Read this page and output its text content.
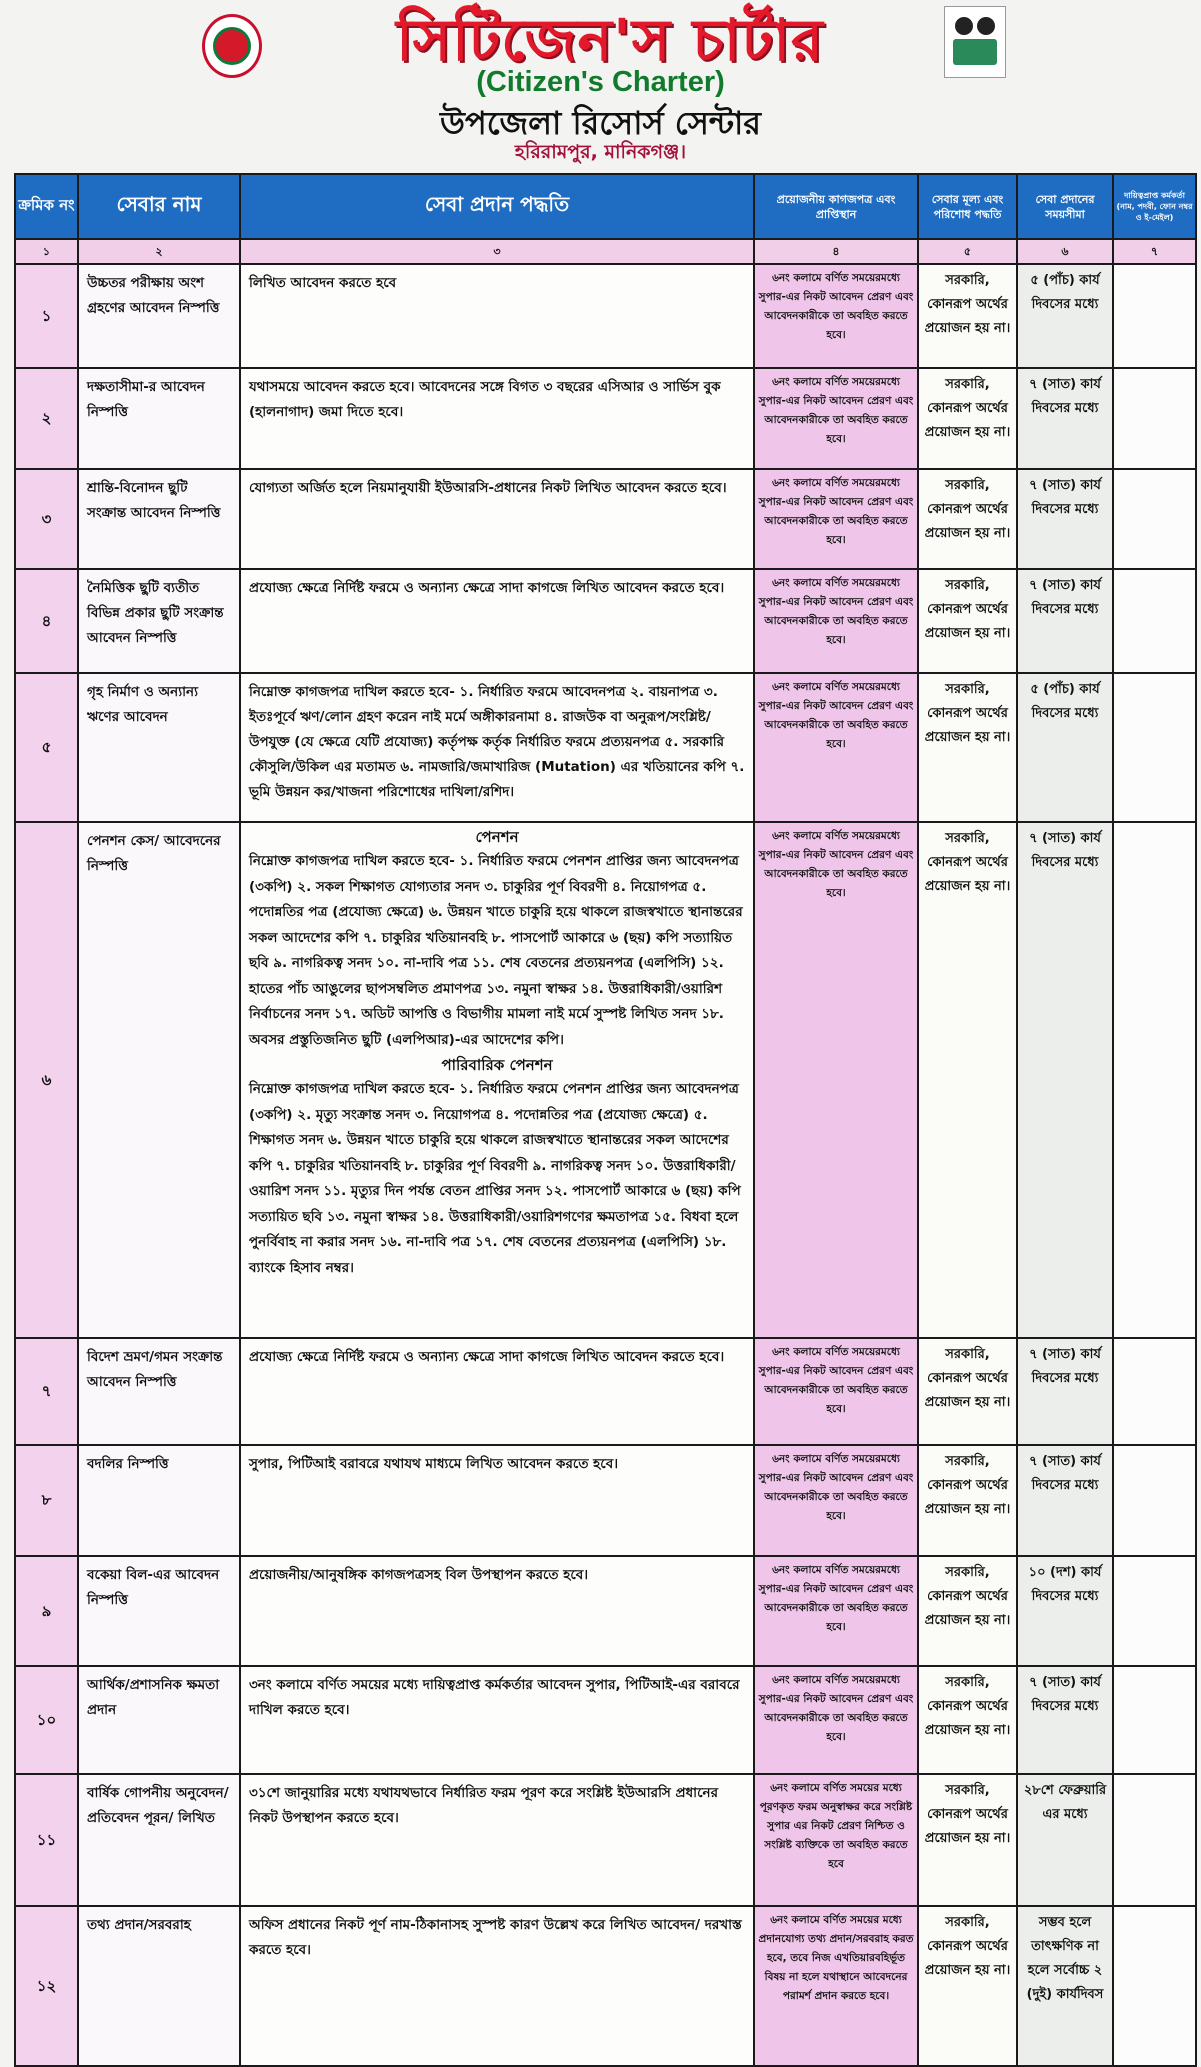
সিটিজেন'স চার্টার
(Citizen's Charter)
উপজেলা রিসোর্স সেন্টার
হরিরামপুর, মানিকগঞ্জ।
ক্রমিক নং	সেবার নাম	সেবা প্রদান পদ্ধতি	প্রয়োজনীয় কাগজপত্র এবং প্রাপ্তিস্থান	সেবার মূল্য এবং পরিশোধ পদ্ধতি	সেবা প্রদানের সময়সীমা	দায়িত্বপ্রাপ্ত কর্মকর্তা (নাম, পদবী, ফোন নম্বর ও ই-মেইল)
১	২	৩	৪	৫	৬	৭
১	উচ্চতর পরীক্ষায় অংশ গ্রহণের আবেদন নিস্পত্তি	লিখিত আবেদন করতে হবে	৬নং কলামে বর্ণিত সময়েরমধ্যে সুপার-এর নিকট আবেদন প্রেরণ এবং আবেদনকারীকে তা অবহিত করতে হবে।	সরকারি, কোনরূপ অর্থের প্রয়োজন হয় না।	৫ (পাঁচ) কার্য দিবসের মধ্যে	
২	দক্ষতাসীমা-র আবেদন নিস্পত্তি	যথাসময়ে আবেদন করতে হবে। আবেদনের সঙ্গে বিগত ৩ বছরের এসিআর ও সার্ভিস বুক (হালনাগাদ) জমা দিতে হবে।	৬নং কলামে বর্ণিত সময়েরমধ্যে সুপার-এর নিকট আবেদন প্রেরণ এবং আবেদনকারীকে তা অবহিত করতে হবে।	সরকারি, কোনরূপ অর্থের প্রয়োজন হয় না।	৭ (সাত) কার্য দিবসের মধ্যে	
৩	শ্রান্তি-বিনোদন ছুটি সংক্রান্ত আবেদন নিস্পত্তি	যোগ্যতা অর্জিত হলে নিয়মানুযায়ী ইউআরসি-প্রধানের নিকট লিখিত আবেদন করতে হবে।	৬নং কলামে বর্ণিত সময়েরমধ্যে সুপার-এর নিকট আবেদন প্রেরণ এবং আবেদনকারীকে তা অবহিত করতে হবে।	সরকারি, কোনরূপ অর্থের প্রয়োজন হয় না।	৭ (সাত) কার্য দিবসের মধ্যে	
৪	নৈমিত্তিক ছুটি ব্যতীত বিভিন্ন প্রকার ছুটি সংক্রান্ত আবেদন নিস্পত্তি	প্রযোজ্য ক্ষেত্রে নির্দিষ্ট ফরমে ও অন্যান্য ক্ষেত্রে সাদা কাগজে লিখিত আবেদন করতে হবে।	৬নং কলামে বর্ণিত সময়েরমধ্যে সুপার-এর নিকট আবেদন প্রেরণ এবং আবেদনকারীকে তা অবহিত করতে হবে।	সরকারি, কোনরূপ অর্থের প্রয়োজন হয় না।	৭ (সাত) কার্য দিবসের মধ্যে	
৫	গৃহ নির্মাণ ও অন্যান্য ঋণের আবেদন	নিম্নোক্ত কাগজপত্র দাখিল করতে হবে- ১. নির্ধারিত ফরমে আবেদনপত্র ২. বায়নাপত্র ৩. ইতঃপূর্বে ঋণ/লোন গ্রহণ করেন নাই মর্মে অঙ্গীকারনামা ৪. রাজউক বা অনুরূপ/সংশ্লিষ্ট/উপযুক্ত (যে ক্ষেত্রে যেটি প্রযোজ্য) কর্তৃপক্ষ কর্তৃক নির্ধারিত ফরমে প্রত্যয়নপত্র ৫. সরকারি কৌসুলি/উকিল এর মতামত ৬. নামজারি/জমাখারিজ (Mutation) এর খতিয়ানের কপি ৭. ভূমি উন্নয়ন কর/খাজনা পরিশোধের দাখিলা/রশিদ।	৬নং কলামে বর্ণিত সময়েরমধ্যে সুপার-এর নিকট আবেদন প্রেরণ এবং আবেদনকারীকে তা অবহিত করতে হবে।	সরকারি, কোনরূপ অর্থের প্রয়োজন হয় না।	৫ (পাঁচ) কার্য দিবসের মধ্যে	
৬	পেনশন কেস/ আবেদনের নিস্পত্তি	পেনশন
নিম্নোক্ত কাগজপত্র দাখিল করতে হবে- ১. নির্ধারিত ফরমে পেনশন প্রাপ্তির জন্য আবেদনপত্র (৩কপি) ২. সকল শিক্ষাগত যোগ্যতার সনদ ৩. চাকুরির পূর্ণ বিবরণী ৪. নিয়োগপত্র ৫. পদোন্নতির পত্র (প্রযোজ্য ক্ষেত্রে) ৬. উন্নয়ন খাতে চাকুরি হয়ে থাকলে রাজস্বখাতে স্থানান্তরের সকল আদেশের কপি ৭. চাকুরির খতিয়ানবহি ৮. পাসপোর্ট আকারে ৬ (ছয়) কপি সত্যায়িত ছবি ৯. নাগরিকত্ব সনদ ১০. না-দাবি পত্র ১১. শেষ বেতনের প্রত্যয়নপত্র (এলপিসি) ১২. হাতের পাঁচ আঙুলের ছাপসম্বলিত প্রমাণপত্র ১৩. নমুনা স্বাক্ষর ১৪. উত্তরাধিকারী/ওয়ারিশ নির্বাচনের সনদ ১৭. অডিট আপত্তি ও বিভাগীয় মামলা নাই মর্মে সুস্পষ্ট লিখিত সনদ ১৮. অবসর প্রস্তুতিজনিত ছুটি (এলপিআর)-এর আদেশের কপি।
পারিবারিক পেনশন
নিম্নোক্ত কাগজপত্র দাখিল করতে হবে- ১. নির্ধারিত ফরমে পেনশন প্রাপ্তির জন্য আবেদনপত্র (৩কপি) ২. মৃত্যু সংক্রান্ত সনদ ৩. নিয়োগপত্র ৪. পদোন্নতির পত্র (প্রযোজ্য ক্ষেত্রে) ৫. শিক্ষাগত সনদ ৬. উন্নয়ন খাতে চাকুরি হয়ে থাকলে রাজস্বখাতে স্থানান্তরের সকল আদেশের কপি ৭. চাকুরির খতিয়ানবহি ৮. চাকুরির পূর্ণ বিবরণী ৯. নাগরিকত্ব সনদ ১০. উত্তরাধিকারী/ওয়ারিশ সনদ ১১. মৃত্যুর দিন পর্যন্ত বেতন প্রাপ্তির সনদ ১২. পাসপোর্ট আকারে ৬ (ছয়) কপি সত্যায়িত ছবি ১৩. নমুনা স্বাক্ষর ১৪. উত্তরাধিকারী/ওয়ারিশগণের ক্ষমতাপত্র ১৫. বিধবা হলে পুনর্বিবাহ না করার সনদ ১৬. না-দাবি পত্র ১৭. শেষ বেতনের প্রত্যয়নপত্র (এলপিসি) ১৮. ব্যাংকে হিসাব নম্বর।	৬নং কলামে বর্ণিত সময়েরমধ্যে সুপার-এর নিকট আবেদন প্রেরণ এবং আবেদনকারীকে তা অবহিত করতে হবে।	সরকারি, কোনরূপ অর্থের প্রয়োজন হয় না।	৭ (সাত) কার্য দিবসের মধ্যে	
৭	বিদেশ ভ্রমণ/গমন সংক্রান্ত আবেদন নিস্পত্তি	প্রযোজ্য ক্ষেত্রে নির্দিষ্ট ফরমে ও অন্যান্য ক্ষেত্রে সাদা কাগজে লিখিত আবেদন করতে হবে।	৬নং কলামে বর্ণিত সময়েরমধ্যে সুপার-এর নিকট আবেদন প্রেরণ এবং আবেদনকারীকে তা অবহিত করতে হবে।	সরকারি, কোনরূপ অর্থের প্রয়োজন হয় না।	৭ (সাত) কার্য দিবসের মধ্যে	
৮	বদলির নিস্পত্তি	সুপার, পিটিআই বরাবরে যথাযথ মাধ্যমে লিখিত আবেদন করতে হবে।	৬নং কলামে বর্ণিত সময়েরমধ্যে সুপার-এর নিকট আবেদন প্রেরণ এবং আবেদনকারীকে তা অবহিত করতে হবে।	সরকারি, কোনরূপ অর্থের প্রয়োজন হয় না।	৭ (সাত) কার্য দিবসের মধ্যে	
৯	বকেয়া বিল-এর আবেদন নিস্পত্তি	প্রয়োজনীয়/আনুষঙ্গিক কাগজপত্রসহ বিল উপস্থাপন করতে হবে।	৬নং কলামে বর্ণিত সময়েরমধ্যে সুপার-এর নিকট আবেদন প্রেরণ এবং আবেদনকারীকে তা অবহিত করতে হবে।	সরকারি, কোনরূপ অর্থের প্রয়োজন হয় না।	১০ (দশ) কার্য দিবসের মধ্যে	
১০	আর্থিক/প্রশাসনিক ক্ষমতা প্রদান	৩নং কলামে বর্ণিত সময়ের মধ্যে দায়িত্বপ্রাপ্ত কর্মকর্তার আবেদন সুপার, পিটিআই-এর বরাবরে দাখিল করতে হবে।	৬নং কলামে বর্ণিত সময়েরমধ্যে সুপার-এর নিকট আবেদন প্রেরণ এবং আবেদনকারীকে তা অবহিত করতে হবে।	সরকারি, কোনরূপ অর্থের প্রয়োজন হয় না।	৭ (সাত) কার্য দিবসের মধ্যে	
১১	বার্ষিক গোপনীয় অনুবেদন/প্রতিবেদন পূরন/ লিখিত	৩১শে জানুয়ারির মধ্যে যথাযথভাবে নির্ধারিত ফরম পূরণ করে সংশ্লিষ্ট ইউআরসি প্রধানের নিকট উপস্থাপন করতে হবে।	৬নং কলামে বর্ণিত সময়ের মধ্যে পূরণকৃত ফরম অনুস্বাক্ষর করে সংশ্লিষ্ট সুপার এর নিকট প্রেরণ নিশ্চিত ও সংশ্লিষ্ট ব্যক্তিকে তা অবহিত করতে হবে	সরকারি, কোনরূপ অর্থের প্রয়োজন হয় না।	২৮শে ফেব্রুয়ারি এর মধ্যে	
১২	তথ্য প্রদান/সরবরাহ	অফিস প্রধানের নিকট পূর্ণ নাম-ঠিকানাসহ সুস্পষ্ট কারণ উল্লেখ করে লিখিত আবেদন/ দরখাস্ত করতে হবে।	৬নং কলামে বর্ণিত সময়ের মধ্যে প্রদানযোগ্য তথ্য প্রদান/সরবরাহ করত হবে, তবে নিজ এখতিয়ারবহির্ভূত বিষয় না হলে যথাস্থানে আবেদনের পরামর্শ প্রদান করতে হবে।	সরকারি, কোনরূপ অর্থের প্রয়োজন হয় না।	সম্ভব হলে তাৎক্ষণিক না হলে সর্বোচ্চ ২ (দুই) কার্যদিবস	
